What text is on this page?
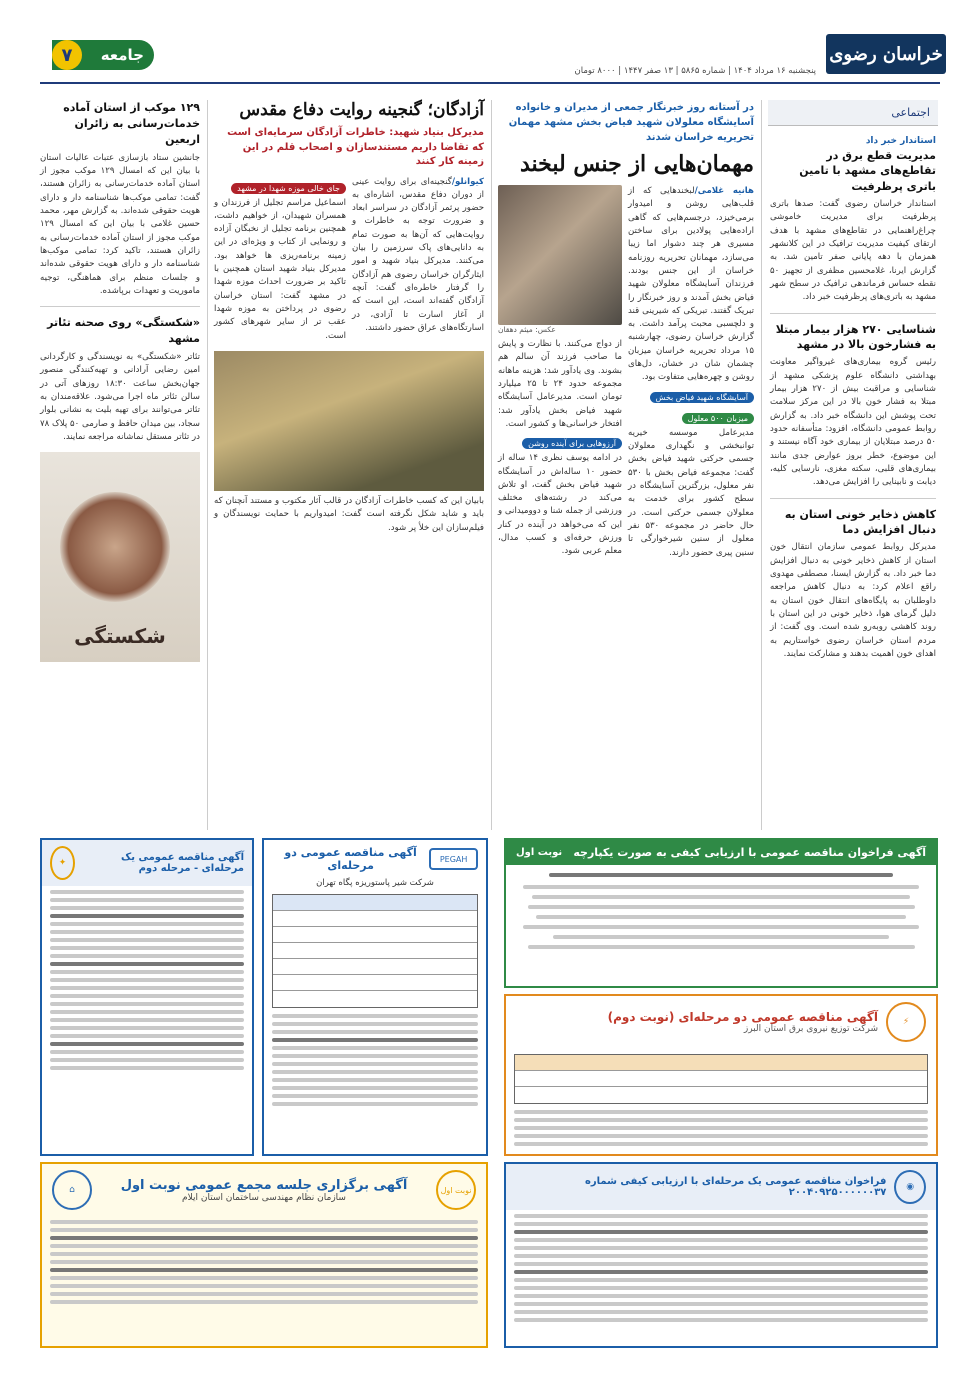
خراسان رضوی
پنجشنبه ۱۶ مرداد ۱۴۰۴ | شماره ۵۸۶۵ | ۱۳ صفر ۱۴۴۷ | ۸۰۰۰ تومان
جامعه
۷
اجتماعی
استاندار خبر داد
مدیریت قطع برق در تقاطع‌های مشهد با تامین باتری پرظرفیت
استاندار خراسان رضوی گفت: صدها باتری پرظرفیت برای مدیریت خاموشی چراغ‌راهنمایی در تقاطع‌های مشهد با هدف ارتقای کیفیت مدیریت ترافیک در این کلانشهر همزمان با دهه پایانی صفر تامین شد. به گزارش ایرنا، غلامحسین مظفری از تجهیز ۵۰ نقطه حساس فرماندهی ترافیک در سطح شهر مشهد به باتری‌های پرظرفیت خبر داد.
شناسایی ۲۷۰ هزار بیمار مبتلا به فشارخون بالا در مشهد
رئیس گروه بیماری‌های غیرواگیر معاونت بهداشتی دانشگاه علوم پزشکی مشهد از شناسایی و مراقبت بیش از ۲۷۰ هزار بیمار مبتلا به فشار خون بالا در این مرکز سلامت تحت پوشش این دانشگاه خبر داد. به گزارش روابط عمومی دانشگاه، افزود: متأسفانه حدود ۵۰ درصد مبتلایان از بیماری خود آگاه نیستند و این موضوع، خطر بروز عوارض جدی مانند بیماری‌های قلبی، سکته مغزی، نارسایی کلیه، دیابت و نابینایی را افزایش می‌دهد.
کاهش ذخایر خونی استان به دنبال افزایش دما
مدیرکل روابط عمومی سازمان انتقال خون استان از کاهش ذخایر خونی به دنبال افزایش دما خبر داد. به گزارش ایسنا، مصطفی مهدوی راقع اعلام کرد: به دنبال کاهش مراجعه داوطلبان به پایگاه‌های انتقال خون استان به دلیل گرمای هوا، ذخایر خونی در این استان با روند کاهشی روبه‌رو شده است. وی گفت: از مردم استان خراسان رضوی خواستاریم به اهدای خون اهمیت بدهند و مشارکت نمایند.
در آستانه روز خبرنگار جمعی از مدیران و خانواده آسایشگاه معلولان شهید فیاض بخش مشهد مهمان تحریریه خراسان شدند
مهمان‌هایی از جنس لبخند
هانیه غلامی/لبخندهایی که از قلب‌هایی روشن و امیدوار برمی‌خیزد، درجسم‌هایی که گاهی اراده‌هایی پولادین برای ساختن مسیری هر چند دشوار اما زیبا می‌سازد، مهمانان تحریریه روزنامه خراسان از این جنس بودند. فرزندان آسایشگاه معلولان شهید فیاض بخش آمدند و روز خبرنگار را تبریک گفتند. تبریکی که شیرینی قند و دلچسبی محبت پرآمد داشت. به گزارش خراسان رضوی، چهارشنبه ۱۵ مرداد تحریریه خراسان میزبان چشمان شان در خشان، دل‌های روشن و چهره‌هایی متفاوت بود.
آسایشگاه شهید فیاض بخش میزبان ۵۰۰ معلول
مدیرعامل موسسه خیریه توانبخشی و نگهداری معلولان جسمی حرکتی شهید فیاض بخش گفت: مجموعه فیاض بخش با ۵۳۰ نفر معلول، بزرگترین آسایشگاه در سطح کشور برای خدمت به معلولان جسمی حرکتی است. در حال حاضر در مجموعه ۵۳۰ نفر معلول از سنین شیرخوارگی تا سنین پیری حضور دارند.
عکس: میثم دهقان
از دواج می‌کنند. با نظارت و پایش ما صاحب فرزند آن سالم هم بشوند. وی یادآور شد: هزینه ماهانه مجموعه حدود ۲۴ تا ۲۵ میلیارد تومان است. مدیرعامل آسایشگاه شهید فیاض بخش یادآور شد: افتخار خراسانی‌ها و کشور است.
آرزوهایی برای آینده روشن
در ادامه یوسف نظری ۱۴ ساله از حضور ۱۰ ساله‌اش در آسایشگاه شهید فیاض بخش گفت، او تلاش می‌کند در رشته‌های مختلف ورزشی از جمله شنا و دوومیدانی و این که می‌خواهد در آینده در کنار ورزش حرفه‌ای و کسب مدال، معلم عربی شود.
آزادگان؛ گنجینه روایت دفاع مقدس
مدیرکل بنیاد شهید: خاطرات آزادگان سرمایه‌ای است که تقاضا داریم مستندسازان و اصحاب قلم در این زمینه کار کنند
کیوانلو/گنجینه‌ای برای روایت عینی از دوران دفاع مقدس، اشاره‌ای به حضور پرثمر آزادگان در سراسر ابعاد و ضرورت توجه به خاطرات و روایت‌هایی که آن‌ها به صورت تمام به دانایی‌های پاک سرزمین را بیان می‌کنند. مدیرکل بنیاد شهید و امور ایثارگران خراسان رضوی هم آزادگان را گرفتار خاطره‌ای گفت: آنچه آزادگان گفته‌اند است، این است که از آغاز اسارت تا آزادی، در اسارتگاه‌های عراق حضور داشتند.
جای خالی موزه شهدا در مشهد
اسماعیل مراسم تجلیل از فرزندان و همسران شهیدان، از خواهیم داشت، همچنین برنامه تجلیل از نخبگان آزاده و رونمایی از کتاب و ویژه‌ای در این زمینه برنامه‌ریزی ها خواهد بود. مدیرکل بنیاد شهید استان همچنین با تاکید بر ضرورت احداث موزه شهدا در مشهد گفت: استان خراسان رضوی در پرداختن به موزه شهدا عقب تر از سایر شهرهای کشور است.
بابیان این که کسب خاطرات آزادگان در قالب آثار مکتوب و مستند آنچنان که باید و شاید شکل نگرفته است گفت: امیدواریم با حمایت نویسندگان و فیلم‌سازان این خلأ پر شود.
۱۲۹ موکب از استان آماده خدمات‌رسانی به زائران اربعین
جانشین ستاد بازسازی عتبات عالیات استان با بیان این که امسال ۱۲۹ موکب مجوز از استان آماده خدمات‌رسانی به زائران هستند، گفت: تمامی موکب‌ها شناسنامه دار و دارای هویت حقوقی شده‌اند. به گزارش مهر، محمد حسین غلامی با بیان این که امسال ۱۲۹ موکب مجوز از استان آماده خدمات‌رسانی به زائران هستند، تاکید کرد: تمامی موکب‌ها شناسنامه دار و دارای هویت حقوقی شده‌اند و جلسات منظم برای هماهنگی، توجیه ماموریت و تعهدات برپاشده.
«شکستگی» روی صحنه تئاتر مشهد
تئاتر «شکستگی» به نویسندگی و کارگردانی امین رضایی آرادانی و تهیه‌کنندگی منصور جهان‌بخش ساعت ۱۸:۳۰ روزهای آتی در سالن تئاتر ماه اجرا می‌شود. علاقه‌مندان به تئاتر می‌توانند برای تهیه بلیت به نشانی بلوار سجاد، بین میدان حافظ و صارمی ۵۰ پلاک ۷۸ در تئاتر مستقل نماشانه مراجعه نمایند.
شکستگی
آگهی فراخوان مناقصه عمومی با ارزیابی کیفی به صورت یکپارچه
نوبت اول
⚡
آگهی مناقصه عمومی دو مرحله‌ای (نوبت دوم)
شرکت توزیع نیروی برق استان البرز
◉
فراخوان مناقصه عمومی یک مرحله‌ای با ارزیابی کیفی شماره ۲۰۰۴۰۹۲۵۰۰۰۰۰۰۳۷
PEGAH
آگهی مناقصه عمومی دو مرحله‌ای
شرکت شیر پاستوریزه پگاه تهران
آگهی مناقصه عمومی یک مرحله‌ای - مرحله دوم
✦
نوبت اول
آگهی برگزاری جلسه مجمع عمومی نوبت اول
سازمان نظام مهندسی ساختمان استان ایلام
⌂
